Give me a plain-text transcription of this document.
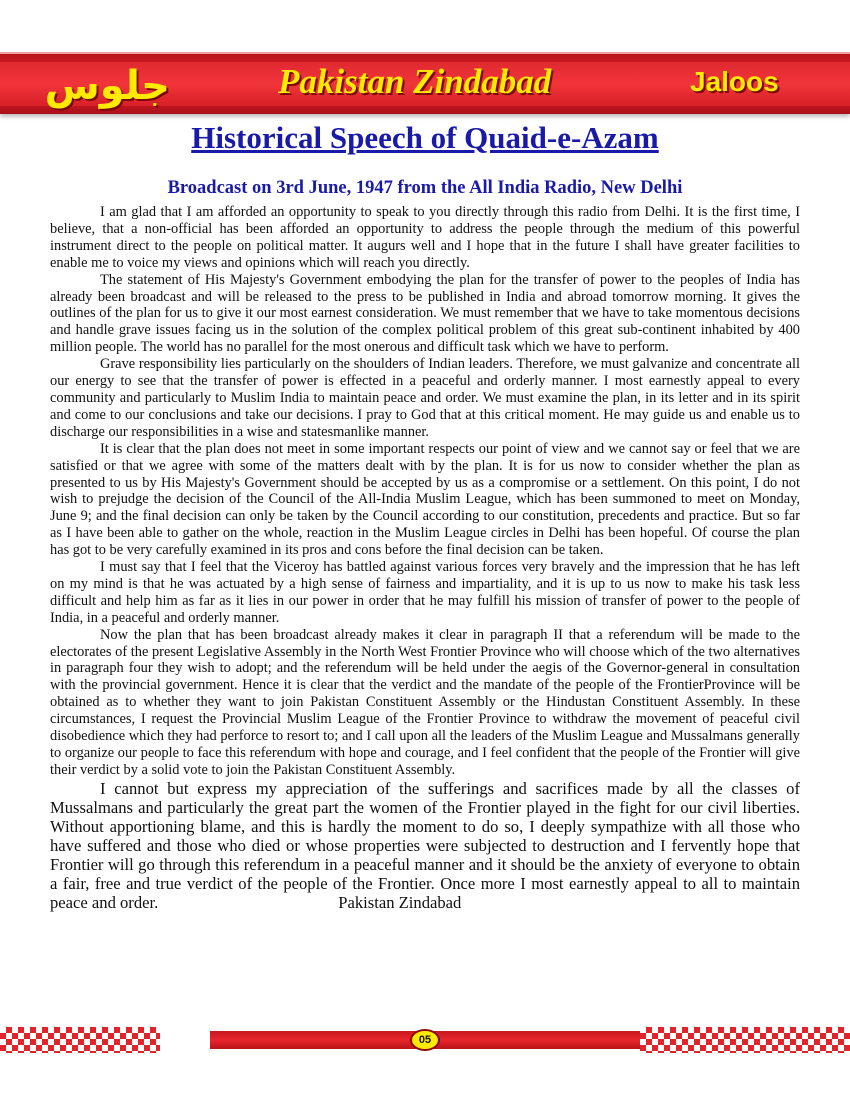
جلوس	Pakistan Zindabad	Jaloos
Historical Speech of Quaid-e-Azam
Broadcast on 3rd June, 1947 from the All India Radio, New Delhi

I am glad that I am afforded an opportunity to speak to you directly through this radio from Delhi. It is the first time, I believe, that a non-official has been afforded an opportunity to address the people through the medium of this powerful instrument direct to the people on political matter. It augurs well and I hope that in the future I shall have greater facilities to enable me to voice my views and opinions which will reach you directly.

The statement of His Majesty's Government embodying the plan for the transfer of power to the peoples of India has already been broadcast and will be released to the press to be published in India and abroad tomorrow morning. It gives the outlines of the plan for us to give it our most earnest consideration. We must remember that we have to take momentous decisions and handle grave issues facing us in the solution of the complex political problem of this great sub-continent inhabited by 400 million people. The world has no parallel for the most onerous and difficult task which we have to perform.

Grave responsibility lies particularly on the shoulders of Indian leaders. Therefore, we must galvanize and concentrate all our energy to see that the transfer of power is effected in a peaceful and orderly manner. I most earnestly appeal to every community and particularly to Muslim India to maintain peace and order. We must examine the plan, in its letter and in its spirit and come to our conclusions and take our decisions. I pray to God that at this critical moment. He may guide us and enable us to discharge our responsibilities in a wise and statesmanlike manner.

It is clear that the plan does not meet in some important respects our point of view and we cannot say or feel that we are satisfied or that we agree with some of the matters dealt with by the plan. It is for us now to consider whether the plan as presented to us by His Majesty's Government should be accepted by us as a compromise or a settlement. On this point, I do not wish to prejudge the decision of the Council of the All-India Muslim League, which has been summoned to meet on Monday, June 9; and the final decision can only be taken by the Council according to our constitution, precedents and practice. But so far as I have been able to gather on the whole, reaction in the Muslim League circles in Delhi has been hopeful. Of course the plan has got to be very carefully examined in its pros and cons before the final decision can be taken.

I must say that I feel that the Viceroy has battled against various forces very bravely and the impression that he has left on my mind is that he was actuated by a high sense of fairness and impartiality, and it is up to us now to make his task less difficult and help him as far as it lies in our power in order that he may fulfill his mission of transfer of power to the people of India, in a peaceful and orderly manner.

Now the plan that has been broadcast already makes it clear in paragraph II that a referendum will be made to the electorates of the present Legislative Assembly in the North West Frontier Province who will choose which of the two alternatives in paragraph four they wish to adopt; and the referendum will be held under the aegis of the Governor-general in consultation with the provincial government. Hence it is clear that the verdict and the mandate of the people of the FrontierProvince will be obtained as to whether they want to join Pakistan Constituent Assembly or the Hindustan Constituent Assembly. In these circumstances, I request the Provincial Muslim League of the Frontier Province to withdraw the movement of peaceful civil disobedience which they had perforce to resort to; and I call upon all the leaders of the Muslim League and Mussalmans generally to organize our people to face this referendum with hope and courage, and I feel confident that the people of the Frontier will give their verdict by a solid vote to join the Pakistan Constituent Assembly.

I cannot but express my appreciation of the sufferings and sacrifices made by all the classes of Mussalmans and particularly the great part the women of the Frontier played in the fight for our civil liberties. Without apportioning blame, and this is hardly the moment to do so, I deeply sympathize with all those who have suffered and those who died or whose properties were subjected to destruction and I fervently hope that Frontier will go through this referendum in a peaceful manner and it should be the anxiety of everyone to obtain a fair, free and true verdict of the people of the Frontier. Once more I most earnestly appeal to all to maintain peace and order.	Pakistan Zindabad

05
